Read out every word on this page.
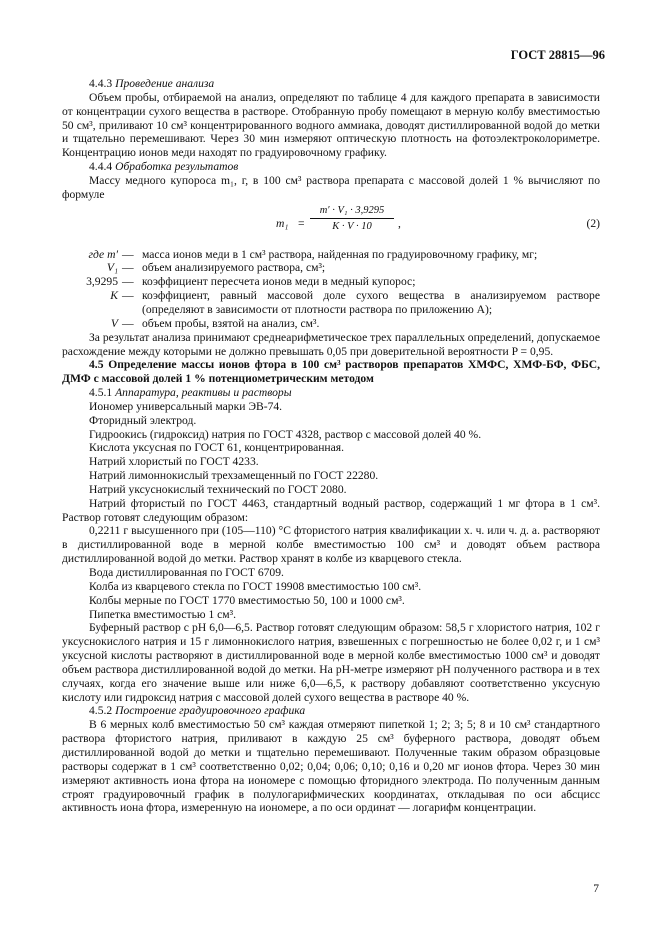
ГОСТ 28815—96

4.4.3 Проведение анализа

Объем пробы, отбираемой на анализ, определяют по таблице 4 для каждого препарата в зависимости от концентрации сухого вещества в растворе. Отобранную пробу помещают в мерную колбу вместимостью 50 см³, приливают 10 см³ концентрированного водного аммиака, доводят дистиллированной водой до метки и тщательно перемешивают. Через 30 мин измеряют оптическую плотность на фотоэлектроколориметре. Концентрацию ионов меди находят по градуировочному графику.

4.4.4 Обработка результатов

Массу медного купороса m₁, г, в 100 см³ раствора препарата с массовой долей 1 % вычисляют по формуле

$m_1 = \frac{\text{m′ · V₁ · 3,9295}}{K \cdot V \cdot 10}$ ,	(2)
где m′ — масса ионов меди в 1 см³ раствора, найденная по градуировочному графику, мг;
V₁ — объем анализируемого раствора, см³;
3,9295 — коэффициент пересчета ионов меди в медный купорос;
K — коэффициент, равный массовой доле сухого вещества в анализируемом растворе (определяют в зависимости от плотности раствора по приложению А);
V — объем пробы, взятой на анализ, см³.

За результат анализа принимают среднеарифметическое трех параллельных определений, допускаемое расхождение между которыми не должно превышать 0,05 при доверительной вероятности P = 0,95.

4.5 Определение массы ионов фтора в 100 см³ растворов препаратов ХМФС, ХМФ-БФ, ФБС, ДМФ с массовой долей 1 % потенциометрическим методом

4.5.1 Аппаратура, реактивы и растворы

Иономер универсальный марки ЭВ-74.

Фторидный электрод.

Гидроокись (гидроксид) натрия по ГОСТ 4328, раствор с массовой долей 40 %.

Кислота уксусная по ГОСТ 61, концентрированная.

Натрий хлористый по ГОСТ 4233.

Натрий лимоннокислый трехзамещенный по ГОСТ 22280.

Натрий уксуснокислый технический по ГОСТ 2080.

Натрий фтористый по ГОСТ 4463, стандартный водный раствор, содержащий 1 мг фтора в 1 см³. Раствор готовят следующим образом:

0,2211 г высушенного при (105—110) °С фтористого натрия квалификации х. ч. или ч. д. а. растворяют в дистиллированной воде в мерной колбе вместимостью 100 см³ и доводят объем раствора дистиллированной водой до метки. Раствор хранят в колбе из кварцевого стекла.

Вода дистиллированная по ГОСТ 6709.

Колба из кварцевого стекла по ГОСТ 19908 вместимостью 100 см³.

Колбы мерные по ГОСТ 1770 вместимостью 50, 100 и 1000 см³.

Пипетка вместимостью 1 см³.

Буферный раствор с рН 6,0—6,5. Раствор готовят следующим образом: 58,5 г хлористого натрия, 102 г уксуснокислого натрия и 15 г лимоннокислого натрия, взвешенных с погрешностью не более 0,02 г, и 1 см³ уксусной кислоты растворяют в дистиллированной воде в мерной колбе вместимостью 1000 см³ и доводят объем раствора дистиллированной водой до метки. На рН-метре измеряют рН полученного раствора и в тех случаях, когда его значение выше или ниже 6,0—6,5, к раствору добавляют соответственно уксусную кислоту или гидроксид натрия с массовой долей сухого вещества в растворе 40 %.

4.5.2 Построение градуировочного графика

В 6 мерных колб вместимостью 50 см³ каждая отмеряют пипеткой 1; 2; 3; 5; 8 и 10 см³ стандартного раствора фтористого натрия, приливают в каждую 25 см³ буферного раствора, доводят объем дистиллированной водой до метки и тщательно перемешивают. Полученные таким образом образцовые растворы содержат в 1 см³ соответственно 0,02; 0,04; 0,06; 0,10; 0,16 и 0,20 мг ионов фтора. Через 30 мин измеряют активность иона фтора на иономере с помощью фторидного электрода. По полученным данным строят градуировочный график в полулогарифмических координатах, откладывая по оси абсцисс активность иона фтора, измеренную на иономере, а по оси ординат — логарифм концентрации.

7
